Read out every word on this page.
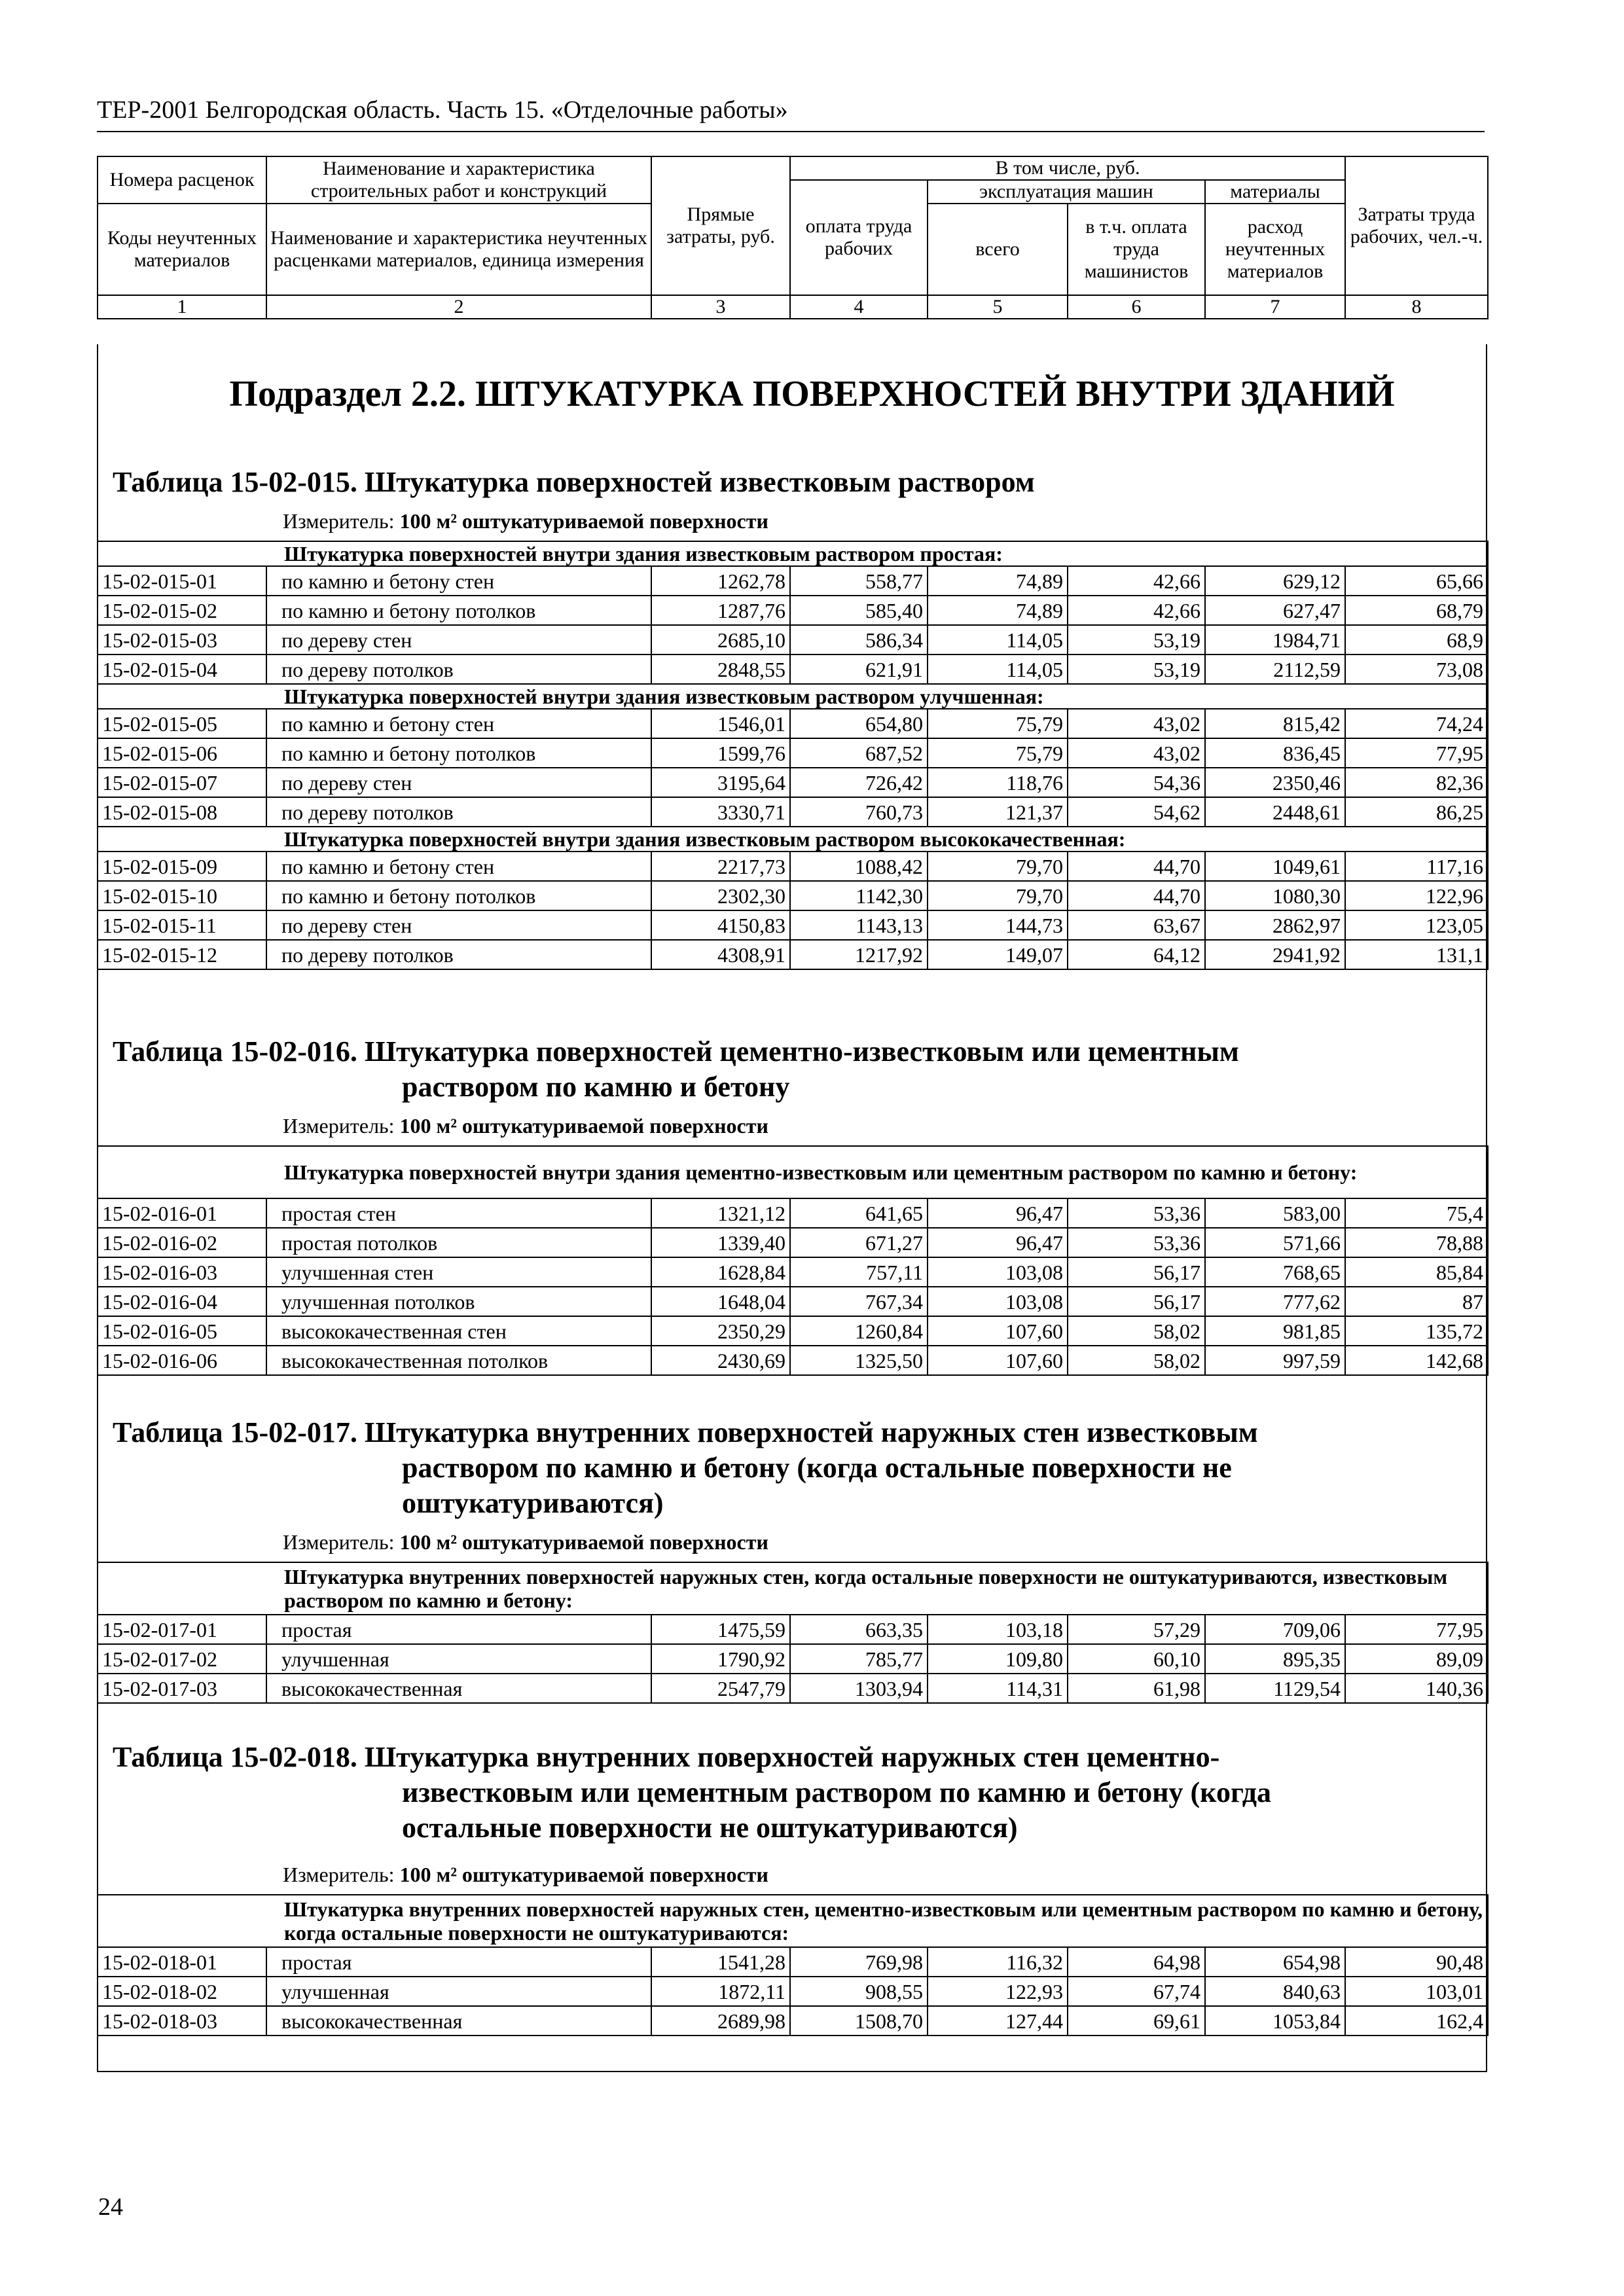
ТЕР-2001 Белгородская область. Часть 15. «Отделочные работы»
Номера расценок	Наименование и характеристика строительных работ и конструкций	Прямые затраты, руб.	В том числе, руб.				Затраты труда рабочих, чел.-ч.
			оплата труда рабочих	эксплуатация машин		материалы	
Коды неучтенных материалов	Наименование и характеристика неучтенных расценками материалов, единица измерения			всего	в т.ч. оплата труда машинистов	расход неучтенных материалов	

1	2	3	4	5	6	7	8
Подраздел 2.2. ШТУКАТУРКА ПОВЕРХНОСТЕЙ ВНУТРИ ЗДАНИЙ
Таблица 15-02-015. Штукатурка поверхностей известковым раствором
Измеритель: 100 м² оштукатуриваемой поверхности
Штукатурка поверхностей внутри здания известковым раствором простая:							
15-02-015-01	по камню и бетону стен	1262,78	558,77	74,89	42,66	629,12	65,66
15-02-015-02	по камню и бетону потолков	1287,76	585,40	74,89	42,66	627,47	68,79
15-02-015-03	по дереву стен	2685,10	586,34	114,05	53,19	1984,71	68,9
15-02-015-04	по дереву потолков	2848,55	621,91	114,05	53,19	2112,59	73,08
Штукатурка поверхностей внутри здания известковым раствором улучшенная:							
15-02-015-05	по камню и бетону стен	1546,01	654,80	75,79	43,02	815,42	74,24
15-02-015-06	по камню и бетону потолков	1599,76	687,52	75,79	43,02	836,45	77,95
15-02-015-07	по дереву стен	3195,64	726,42	118,76	54,36	2350,46	82,36
15-02-015-08	по дереву потолков	3330,71	760,73	121,37	54,62	2448,61	86,25
Штукатурка поверхностей внутри здания известковым раствором высококачественная:							
15-02-015-09	по камню и бетону стен	2217,73	1088,42	79,70	44,70	1049,61	117,16
15-02-015-10	по камню и бетону потолков	2302,30	1142,30	79,70	44,70	1080,30	122,96
15-02-015-11	по дереву стен	4150,83	1143,13	144,73	63,67	2862,97	123,05
15-02-015-12	по дереву потолков	4308,91	1217,92	149,07	64,12	2941,92	131,1
Таблица 15-02-016. Штукатурка поверхностей цементно-известковым или цементным
раствором по камню и бетону
Измеритель: 100 м² оштукатуриваемой поверхности
Штукатурка поверхностей внутри здания цементно-известковым или цементным раствором по камню и бетону:							
15-02-016-01	простая стен	1321,12	641,65	96,47	53,36	583,00	75,4
15-02-016-02	простая потолков	1339,40	671,27	96,47	53,36	571,66	78,88
15-02-016-03	улучшенная стен	1628,84	757,11	103,08	56,17	768,65	85,84
15-02-016-04	улучшенная потолков	1648,04	767,34	103,08	56,17	777,62	87
15-02-016-05	высококачественная стен	2350,29	1260,84	107,60	58,02	981,85	135,72
15-02-016-06	высококачественная потолков	2430,69	1325,50	107,60	58,02	997,59	142,68
Таблица 15-02-017. Штукатурка внутренних поверхностей наружных стен известковым
раствором по камню и бетону (когда остальные поверхности не
оштукатуриваются)
Измеритель: 100 м² оштукатуриваемой поверхности
Штукатурка внутренних поверхностей наружных стен, когда остальные поверхности не оштукатуриваются, известковым раствором по камню и бетону:							
15-02-017-01	простая	1475,59	663,35	103,18	57,29	709,06	77,95
15-02-017-02	улучшенная	1790,92	785,77	109,80	60,10	895,35	89,09
15-02-017-03	высококачественная	2547,79	1303,94	114,31	61,98	1129,54	140,36
Таблица 15-02-018. Штукатурка внутренних поверхностей наружных стен цементно-
известковым или цементным раствором по камню и бетону (когда
остальные поверхности не оштукатуриваются)
Измеритель: 100 м² оштукатуриваемой поверхности
Штукатурка внутренних поверхностей наружных стен, цементно-известковым или цементным раствором по камню и бетону, когда остальные поверхности не оштукатуриваются:							
15-02-018-01	простая	1541,28	769,98	116,32	64,98	654,98	90,48
15-02-018-02	улучшенная	1872,11	908,55	122,93	67,74	840,63	103,01
15-02-018-03	высококачественная	2689,98	1508,70	127,44	69,61	1053,84	162,4
24
